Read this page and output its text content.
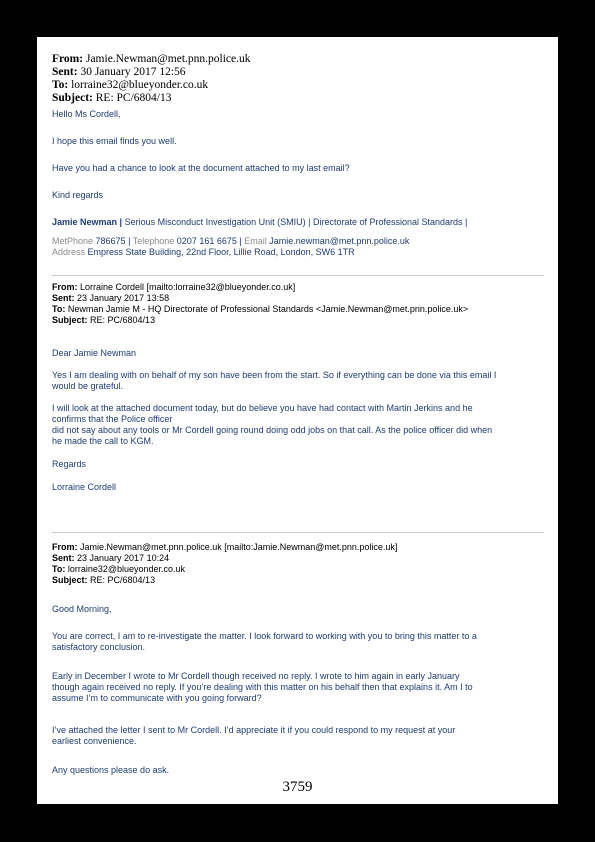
From: Jamie.Newman@met.pnn.police.uk
Sent: 30 January 2017 12:56
To: lorraine32@blueyonder.co.uk
Subject: RE: PC/6804/13
Hello Ms Cordell,
I hope this email finds you well.
Have you had a chance to look at the document attached to my last email?
Kind regards
Jamie Newman | Serious Misconduct Investigation Unit (SMIU) | Directorate of Professional Standards |
MetPhone 786675 | Telephone 0207 161 6675 | Email Jamie.newman@met.pnn.police.uk
Address Empress State Building, 22nd Floor, Lillie Road, London, SW6 1TR
From: Lorraine Cordell [mailto:lorraine32@blueyonder.co.uk]
Sent: 23 January 2017 13:58
To: Newman Jamie M - HQ Directorate of Professional Standards <Jamie.Newman@met.pnn.police.uk>
Subject: RE: PC/6804/13
Dear Jamie Newman
Yes I am dealing with on behalf of my son have been from the start. So if everything can be done via this email I
would be grateful.
I will look at the attached document today, but do believe you have had contact with Martin Jerkins and he
confirms that the Police officer
did not say about any tools or Mr Cordell going round doing odd jobs on that call. As the police officer did when
he made the call to KGM.
Regards
Lorraine Cordell
From: Jamie.Newman@met.pnn.police.uk [mailto:Jamie.Newman@met.pnn.police.uk]
Sent: 23 January 2017 10:24
To: lorraine32@blueyonder.co.uk
Subject: RE: PC/6804/13
Good Morning,
You are correct, I am to re-investigate the matter. I look forward to working with you to bring this matter to a
satisfactory conclusion.
Early in December I wrote to Mr Cordell though received no reply. I wrote to him again in early January
though again received no reply. If you’re dealing with this matter on his behalf then that explains it. Am I to
assume I’m to communicate with you going forward?
I’ve attached the letter I sent to Mr Cordell. I’d appreciate it if you could respond to my request at your
earliest convenience.
Any questions please do ask.
3759
